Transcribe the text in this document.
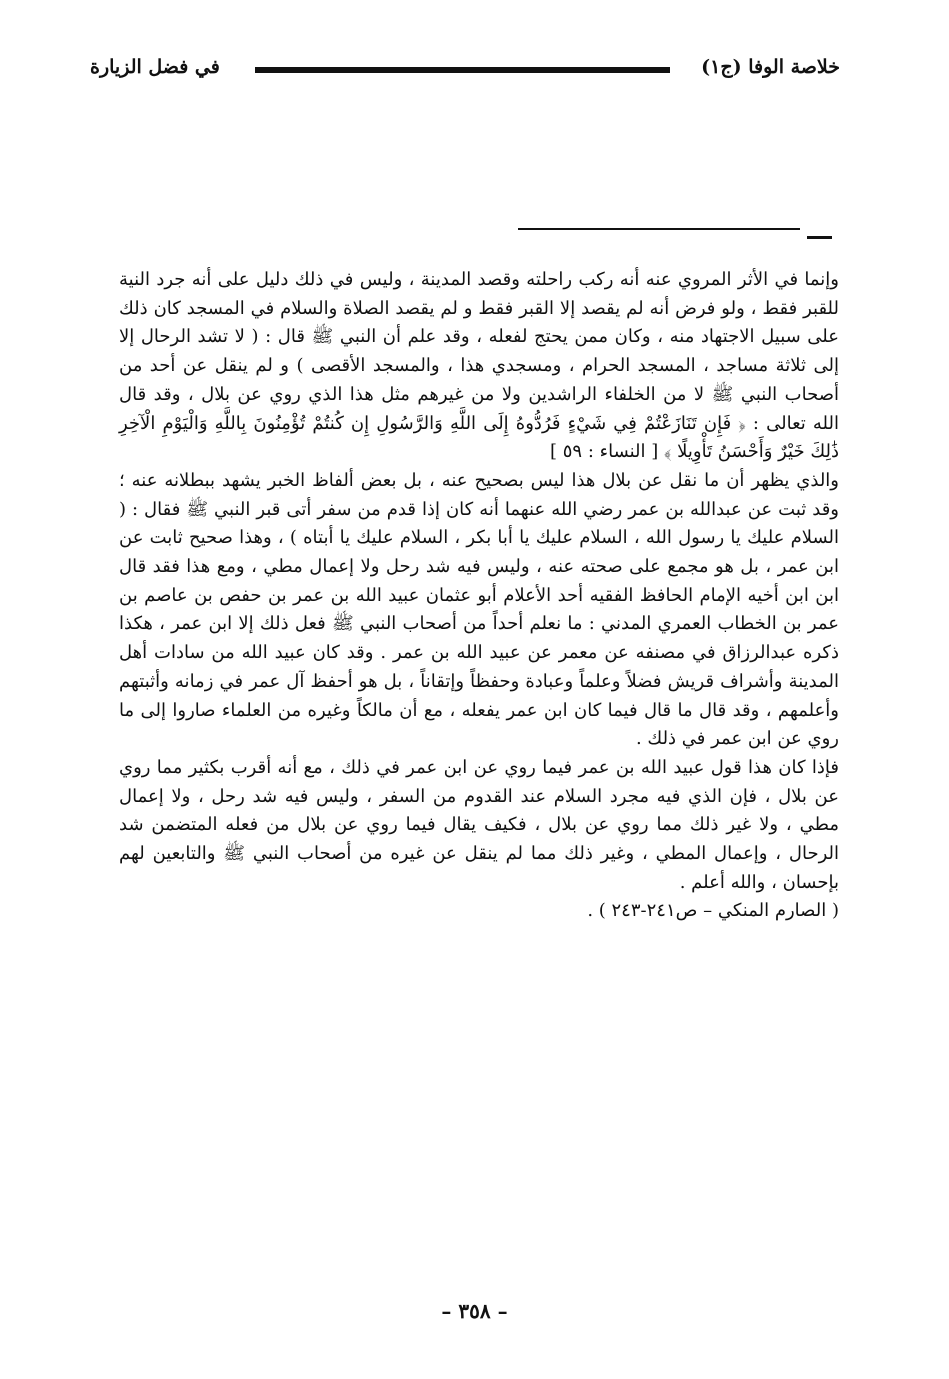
خلاصة الوفا (ج١)
في فضل الزيارة

وإنما في الأثر المروي عنه أنه ركب راحلته وقصد المدينة ، وليس في ذلك دليل على أنه جرد النية للقبر فقط ، ولو فرض أنه لم يقصد إلا القبر فقط و لم يقصد الصلاة والسلام في المسجد كان ذلك على سبيل الاجتهاد منه ، وكان ممن يحتج لفعله ، وقد علم أن النبي ﷺ قال : ( لا تشد الرحال إلا إلى ثلاثة مساجد ، المسجد الحرام ، ومسجدي هذا ، والمسجد الأقصى ) و لم ينقل عن أحد من أصحاب النبي ﷺ لا من الخلفاء الراشدين ولا من غيرهم مثل هذا الذي روي عن بلال ، وقد قال الله تعالى : ﴿ فَإِن تَنَازَعْتُمْ فِي شَيْءٍ فَرُدُّوهُ إِلَى اللَّهِ وَالرَّسُولِ إِن كُنتُمْ تُؤْمِنُونَ بِاللَّهِ وَالْيَوْمِ الْآخِرِ ذَٰلِكَ خَيْرٌ وَأَحْسَنُ تَأْوِيلًا ﴾ [ النساء : ٥٩ ]

والذي يظهر أن ما نقل عن بلال هذا ليس بصحيح عنه ، بل بعض ألفاظ الخبر يشهد ببطلانه عنه ؛ وقد ثبت عن عبدالله بن عمر رضي الله عنهما أنه كان إذا قدم من سفر أتى قبر النبي ﷺ فقال : ( السلام عليك يا رسول الله ، السلام عليك يا أبا بكر ، السلام عليك يا أبتاه ) ، وهذا صحيح ثابت عن ابن عمر ، بل هو مجمع على صحته عنه ، وليس فيه شد رحل ولا إعمال مطي ، ومع هذا فقد قال ابن ابن أخيه الإمام الحافظ الفقيه أحد الأعلام أبو عثمان عبيد الله بن عمر بن حفص بن عاصم بن عمر بن الخطاب العمري المدني : ما نعلم أحداً من أصحاب النبي ﷺ فعل ذلك إلا ابن عمر ، هكذا ذكره عبدالرزاق في مصنفه عن معمر عن عبيد الله بن عمر . وقد كان عبيد الله من سادات أهل المدينة وأشراف قريش فضلاً وعلماً وعبادة وحفظاً وإتقاناً ، بل هو أحفظ آل عمر في زمانه وأثبتهم وأعلمهم ، وقد قال ما قال فيما كان ابن عمر يفعله ، مع أن مالكاً وغيره من العلماء صاروا إلى ما روي عن ابن عمر في ذلك .

فإذا كان هذا قول عبيد الله بن عمر فيما روي عن ابن عمر في ذلك ، مع أنه أقرب بكثير مما روي عن بلال ، فإن الذي فيه مجرد السلام عند القدوم من السفر ، وليس فيه شد رحل ، ولا إعمال مطي ، ولا غير ذلك مما روي عن بلال ، فكيف يقال فيما روي عن بلال من فعله المتضمن شد الرحال ، وإعمال المطي ، وغير ذلك مما لم ينقل عن غيره من أصحاب النبي ﷺ والتابعين لهم بإحسان ، والله أعلم .

( الصارم المنكي – ص٢٤١-٢٤٣ ) .

– ٣٥٨ –
